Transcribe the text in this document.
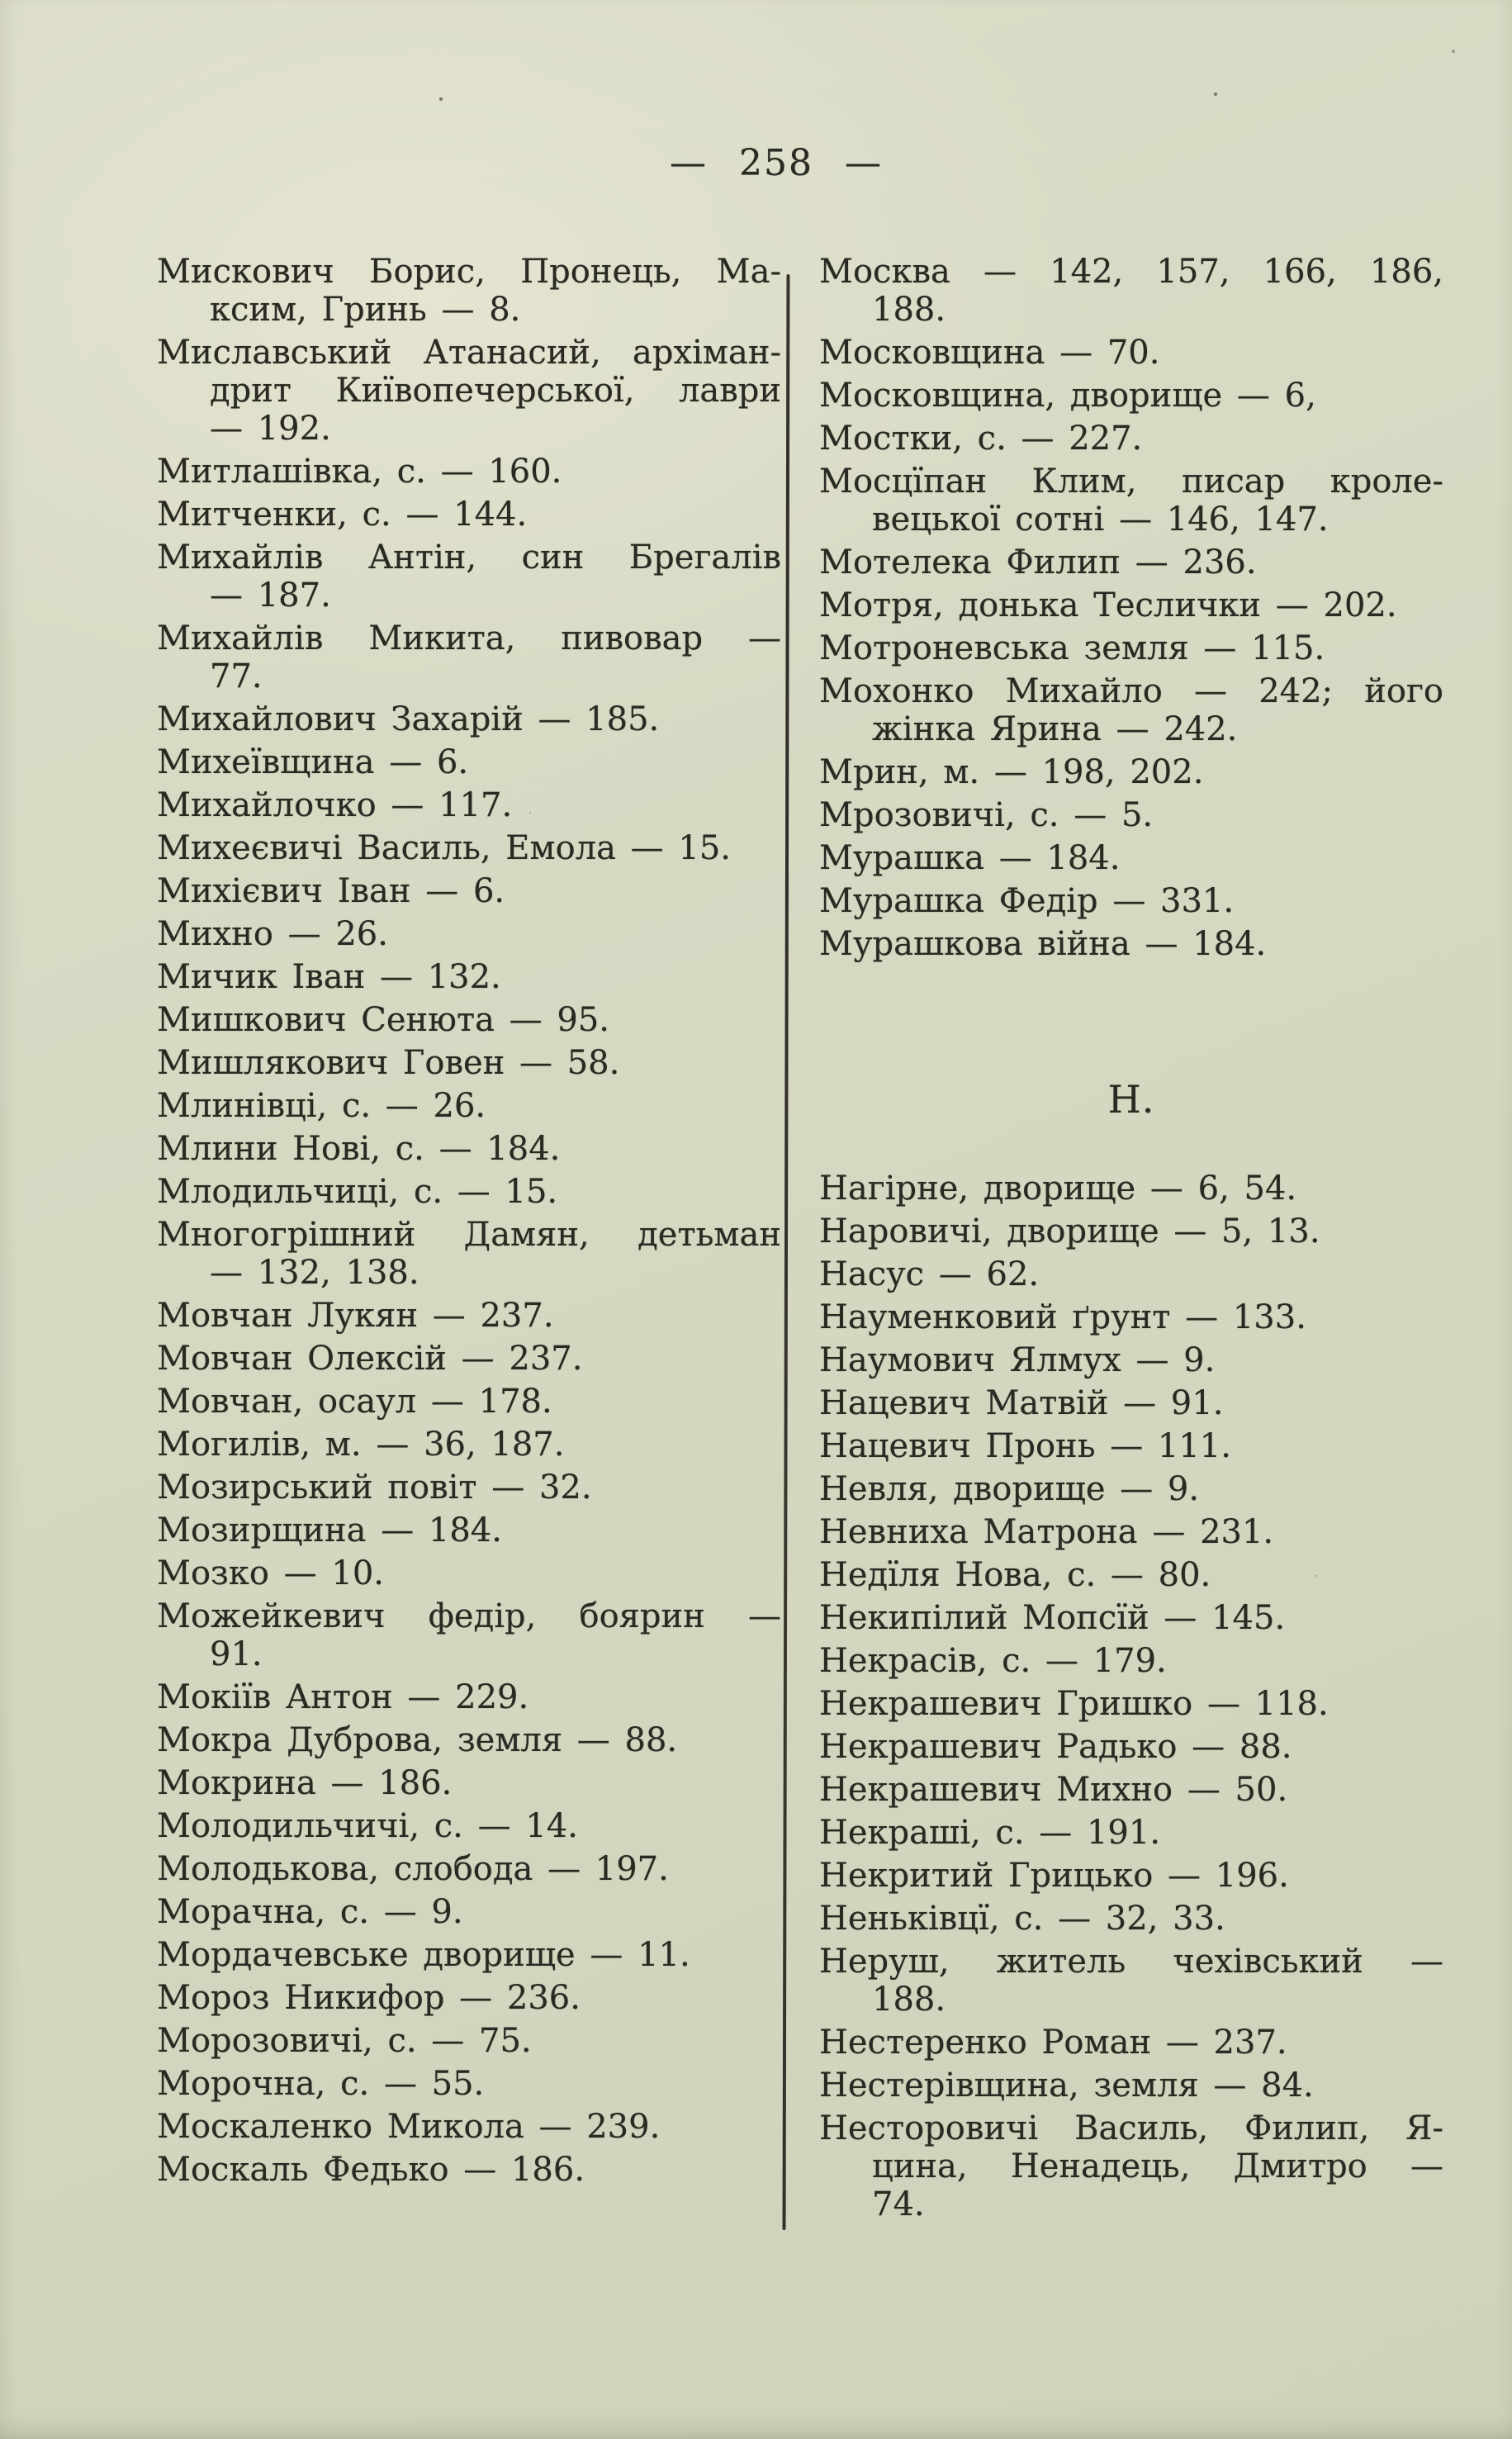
— 258 —
Мискович Борис, Пронець, Ма-
ксим, Гринь — 8.
Миславський Атанасий, архіман-
дрит Київопечерської, лаври
— 192.
Митлашівка, с. — 160.
Митченки, с. — 144.
Михайлів Антін, син Брегалів
— 187.
Михайлів Микита, пивовар —
77.
Михайлович Захарій — 185.
Михеївщина — 6.
Михайлочко — 117.
Михеєвичі Василь, Емола — 15.
Михієвич Іван — 6.
Михно — 26.
Мичик Іван — 132.
Мишкович Сенюта — 95.
Мишлякович Говен — 58.
Млинівці, с. — 26.
Млини Нові, с. — 184.
Млодильчиці, с. — 15.
Многогрішний Дамян, детьман
— 132, 138.
Мовчан Лукян — 237.
Мовчан Олексій — 237.
Мовчан, осаул — 178.
Могилів, м. — 36, 187.
Мозирський повіт — 32.
Мозирщина — 184.
Мозко — 10.
Можейкевич федір, боярин —
91.
Мокіїв Антон — 229.
Мокра Дуброва, земля — 88.
Мокрина — 186.
Молодильчичі, с. — 14.
Молодькова, слобода — 197.
Морачна, с. — 9.
Мордачевське дворище — 11.
Мороз Никифор — 236.
Морозовичі, с. — 75.
Морочна, с. — 55.
Москаленко Микола — 239.
Москаль Федько — 186.
Москва — 142, 157, 166, 186,
188.
Московщина — 70.
Московщина, дворище — 6,
Мостки, с. — 227.
Мосцїпан Клим, писар кроле-
вецької сотні — 146, 147.
Мотелека Филип — 236.
Мотря, донька Теслички — 202.
Мотроневська земля — 115.
Мохонко Михайло — 242; його
жінка Ярина — 242.
Мрин, м. — 198, 202.
Мрозовичі, с. — 5.
Мурашка — 184.
Мурашка Федір — 331.
Мурашкова війна — 184.
Н.
Нагірне, дворище — 6, 54.
Наровичі, дворище — 5, 13.
Насус — 62.
Науменковий ґрунт — 133.
Наумович Ялмух — 9.
Нацевич Матвій — 91.
Нацевич Пронь — 111.
Невля, дворище — 9.
Невниха Матрона — 231.
Недїля Нова, с. — 80.
Некипілий Мопсїй — 145.
Некрасів, с. — 179.
Некрашевич Гришко — 118.
Некрашевич Радько — 88.
Некрашевич Михно — 50.
Некраші, с. — 191.
Некритий Грицько — 196.
Неньківцї, с. — 32, 33.
Неруш, житель чехівський —
188.
Нестеренко Роман — 237.
Нестерівщина, земля — 84.
Несторовичі Василь, Филип, Я-
цина, Ненадець, Дмитро —
74.
